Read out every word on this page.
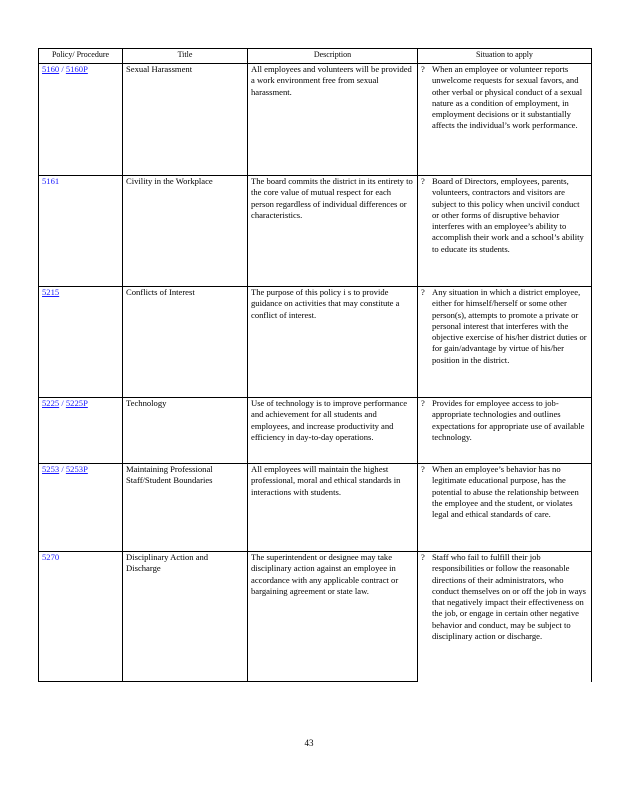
Policy/ Procedure	Title	Description	Situation to apply
5160 / 5160P	Sexual Harassment	All employees and volunteers will be provided a work environment free from sexual harassment.	? When an employee or volunteer reports unwelcome requests for sexual favors, and other verbal or physical conduct of a sexual nature as a condition of employment, in employment decisions or it substantially affects the individual’s work performance.

5161	Civility in the Workplace	The board commits the district in its entirety to the core value of mutual respect for each person regardless of individual differences or characteristics.	? Board of Directors, employees, parents, volunteers, contractors and visitors are subject to this policy when uncivil conduct or other forms of disruptive behavior interferes with an employee’s ability to accomplish their work and a school’s ability to educate its students.

5215	Conflicts of Interest	The purpose of this policy i s to provide guidance on activities that may constitute a conflict of interest.	? Any situation in which a district employee, either for himself/herself or some other person(s), attempts to promote a private or personal interest that interferes with the objective exercise of his/her district duties or for gain/advantage by virtue of his/her position in the district.

5225 / 5225P	Technology	Use of technology is to improve performance and achievement for all students and employees, and increase productivity and efficiency in day-to-day operations.	? Provides for employee access to job-appropriate technologies and outlines expectations for appropriate use of available technology.

5253 / 5253P	Maintaining Professional Staff/Student Boundaries	All employees will maintain the highest professional, moral and ethical standards in interactions with students.	? When an employee’s behavior has no legitimate educational purpose, has the potential to abuse the relationship between the employee and the student, or violates legal and ethical standards of care.

5270	Disciplinary Action and Discharge	The superintendent or designee may take disciplinary action against an employee in accordance with any applicable contract or bargaining agreement or state law.	? Staff who fail to fulfill their job responsibilities or follow the reasonable directions of their administrators, who conduct themselves on or off the job in ways that negatively impact their effectiveness on the job, or engage in certain other negative behavior and conduct, may be subject to disciplinary action or discharge.
43
